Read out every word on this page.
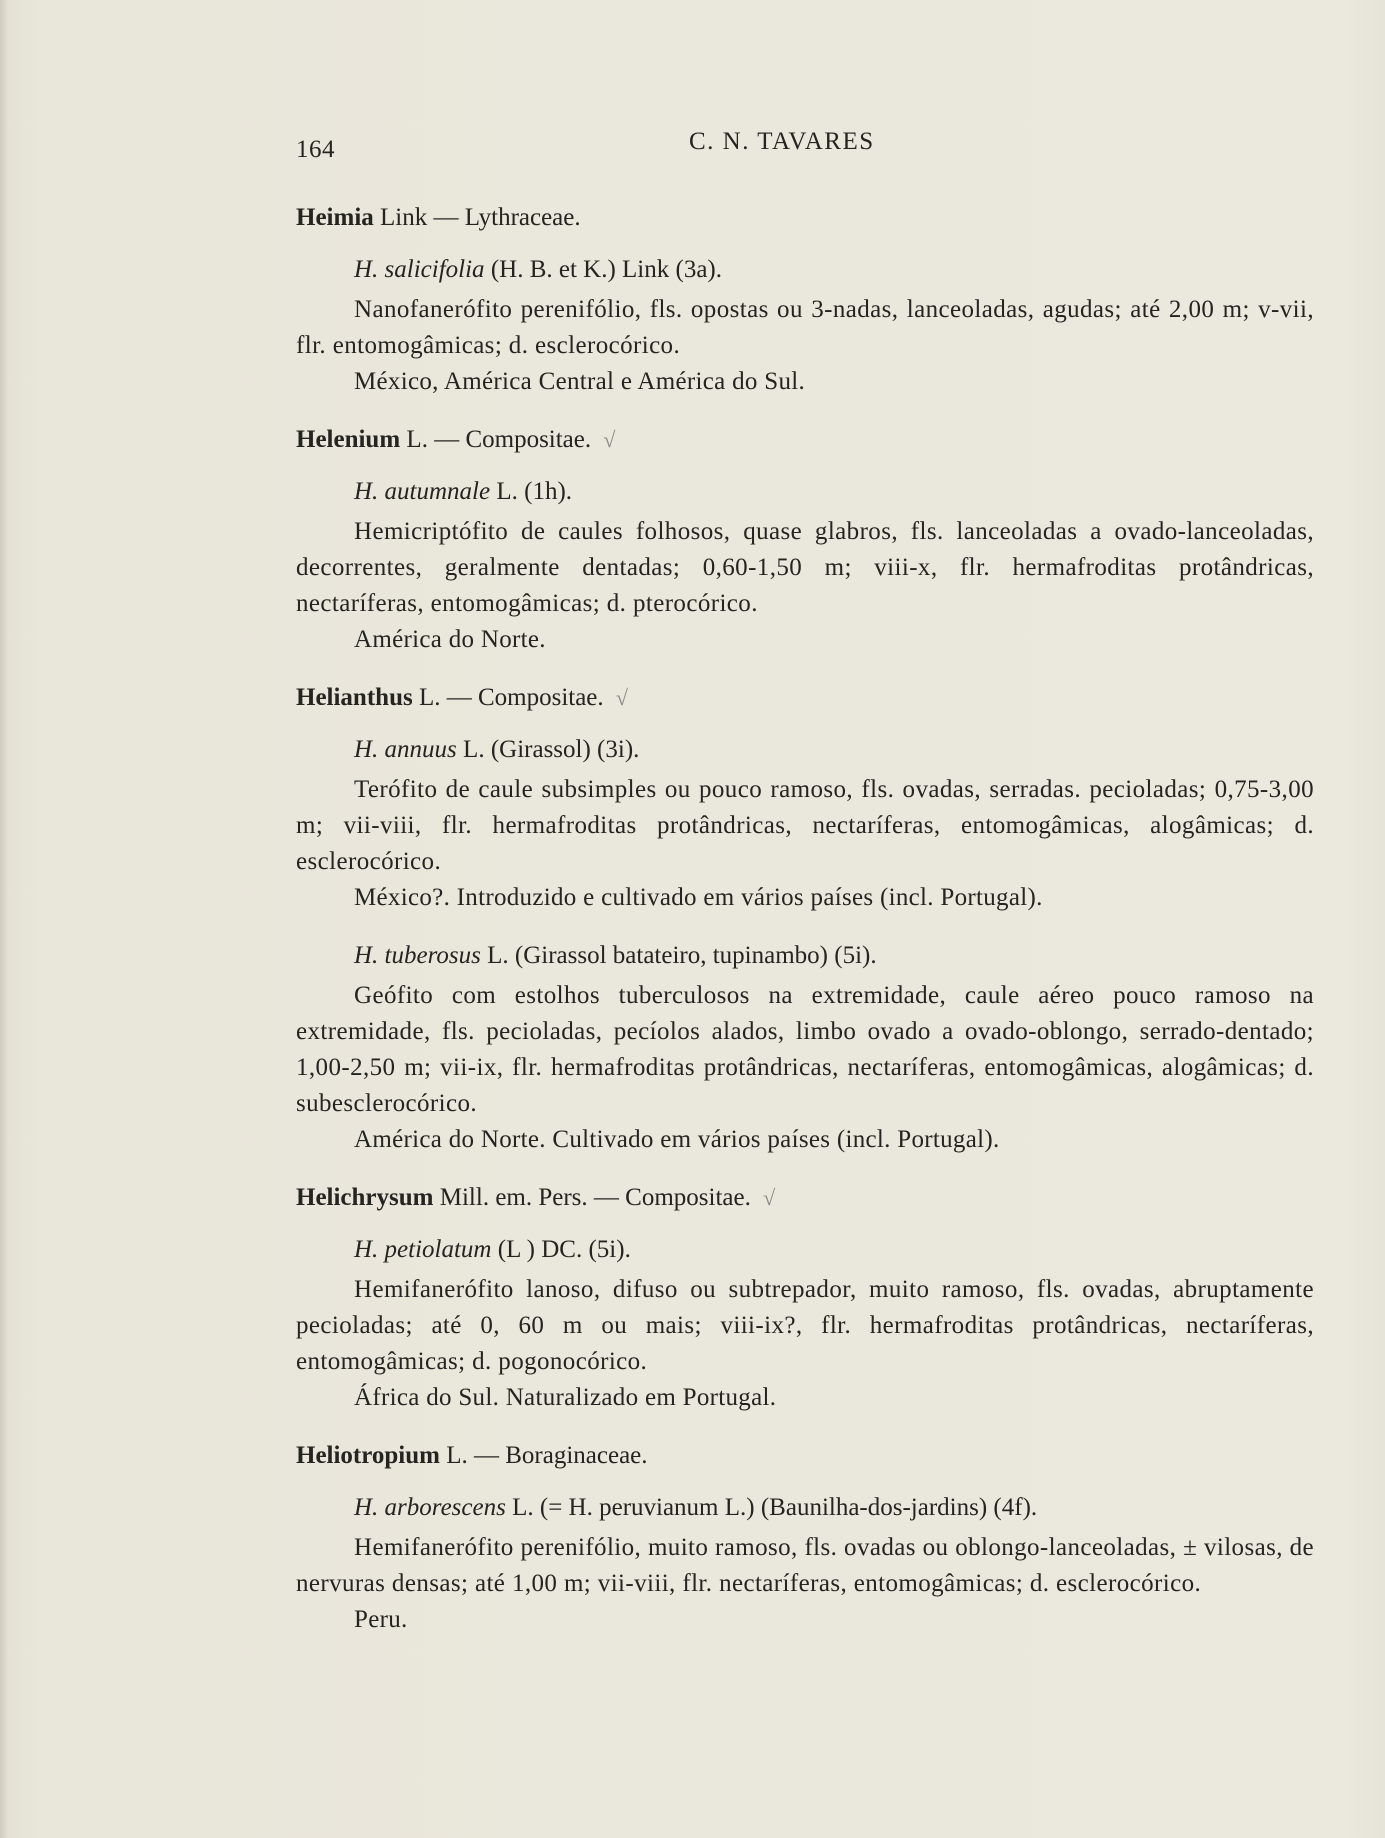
164	C. N. TAVARES

Heimia Link — Lythraceae.

H. salicifolia (H. B. et K.) Link (3a).

Nanofanerófito perenifólio, fls. opostas ou 3-nadas, lanceoladas, agudas; até 2,00 m; v-vii, flr. entomogâmicas; d. esclerocórico.

México, América Central e América do Sul.

Helenium L. — Compositae. √

H. autumnale L. (1h).

Hemicriptófito de caules folhosos, quase glabros, fls. lanceoladas a ovado-lanceoladas, decorrentes, geralmente dentadas; 0,60-1,50 m; viii-x, flr. hermafroditas protândricas, nectaríferas, entomogâmicas; d. pterocórico.

América do Norte.

Helianthus L. — Compositae. √

H. annuus L. (Girassol) (3i).

Terófito de caule subsimples ou pouco ramoso, fls. ovadas, serradas. pecioladas; 0,75-3,00 m; vii-viii, flr. hermafroditas protândricas, nectaríferas, entomogâmicas, alogâmicas; d. esclerocórico.

México?. Introduzido e cultivado em vários países (incl. Portugal).

H. tuberosus L. (Girassol batateiro, tupinambo) (5i).

Geófito com estolhos tuberculosos na extremidade, caule aéreo pouco ramoso na extremidade, fls. pecioladas, pecíolos alados, limbo ovado a ovado-oblongo, serrado-dentado; 1,00-2,50 m; vii-ix, flr. hermafroditas protândricas, nectaríferas, entomogâmicas, alogâmicas; d. subesclerocórico.

América do Norte. Cultivado em vários países (incl. Portugal).

Helichrysum Mill. em. Pers. — Compositae. √

H. petiolatum (L ) DC. (5i).

Hemifanerófito lanoso, difuso ou subtrepador, muito ramoso, fls. ovadas, abruptamente pecioladas; até 0, 60 m ou mais; viii-ix?, flr. hermafroditas protândricas, nectaríferas, entomogâmicas; d. pogonocórico.

África do Sul. Naturalizado em Portugal.

Heliotropium L. — Boraginaceae.

H. arborescens L. (= H. peruvianum L.) (Baunilha-dos-jardins) (4f).

Hemifanerófito perenifólio, muito ramoso, fls. ovadas ou oblongo-lanceoladas, ± vilosas, de nervuras densas; até 1,00 m; vii-viii, flr. nectaríferas, entomogâmicas; d. esclerocórico.

Peru.
